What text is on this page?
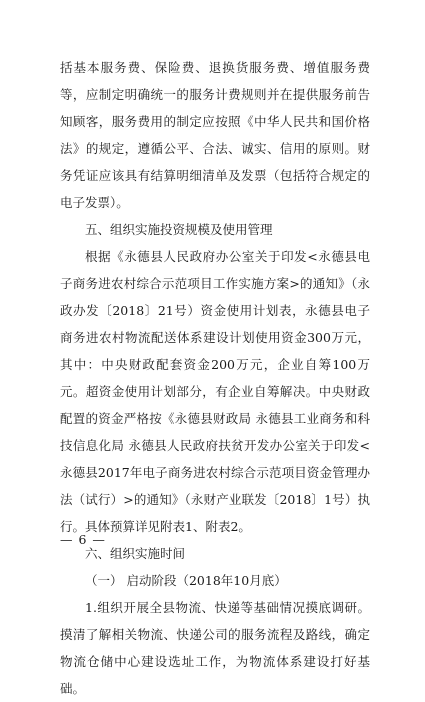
括基本服务费、保险费、退换货服务费、增值服务费等，应制定明确统一的服务计费规则并在提供服务前告知顾客，服务费用的制定应按照《中华人民共和国价格法》的规定，遵循公平、合法、诚实、信用的原则。财务凭证应该具有结算明细清单及发票（包括符合规定的电子发票）。

五、组织实施投资规模及使用管理

根据《永德县人民政府办公室关于印发<永德县电子商务进农村综合示范项目工作实施方案>的通知》（永政办发〔2018〕21号）资金使用计划表，永德县电子商务进农村物流配送体系建设计划使用资金300万元，其中：中央财政配套资金200万元，企业自筹100万元。超资金使用计划部分，有企业自筹解决。中央财政配置的资金严格按《永德县财政局 永德县工业商务和科技信息化局 永德县人民政府扶贫开发办公室关于印发<永德县2017年电子商务进农村综合示范项目资金管理办法（试行）>的通知》（永财产业联发〔2018〕1号）执行。具体预算详见附表1、附表2。

六、组织实施时间

（一） 启动阶段（2018年10月底）

1.组织开展全县物流、快递等基础情况摸底调研。摸清了解相关物流、快递公司的服务流程及路线，确定物流仓储中心建设选址工作，为物流体系建设打好基础。

— 6 —
